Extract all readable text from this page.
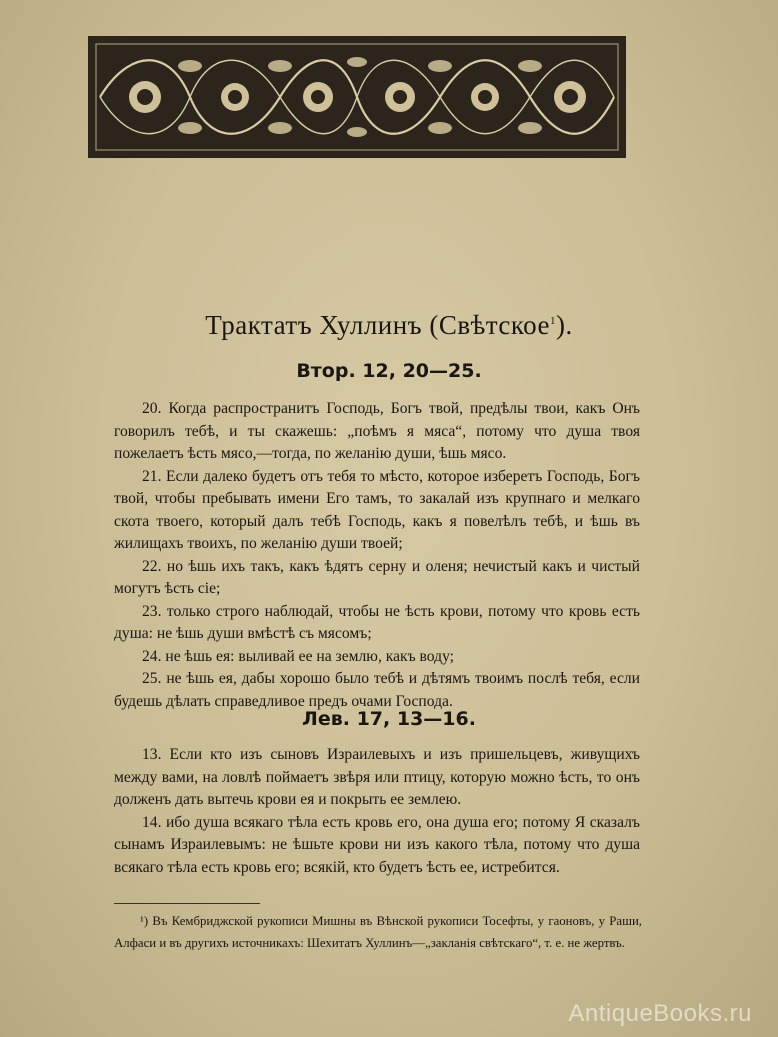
Трактатъ Хуллинъ (Свѣтское$^1$).
Втор. 12, 20—25.

20. Когда распространитъ Господь, Богъ твой, предѣлы твои, какъ Онъ говорилъ тебѣ, и ты скажешь: „поѣмъ я мяса“, потому что душа твоя пожелаетъ ѣсть мясо,—тогда, по желанію души, ѣшь мясо.

21. Если далеко будетъ отъ тебя то мѣсто, которое изберетъ Господь, Богъ твой, чтобы пребывать имени Его тамъ, то закалай изъ крупнаго и мелкаго скота твоего, который далъ тебѣ Господь, какъ я повелѣлъ тебѣ, и ѣшь въ жилищахъ твоихъ, по желанію души твоей;

22. но ѣшь ихъ такъ, какъ ѣдятъ серну и оленя; нечистый какъ и чистый могутъ ѣсть сіе;

23. только строго наблюдай, чтобы не ѣсть крови, потому что кровь есть душа: не ѣшь души вмѣстѣ съ мясомъ;

24. не ѣшь ея: выливай ее на землю, какъ воду;

25. не ѣшь ея, дабы хорошо было тебѣ и дѣтямъ твоимъ послѣ тебя, если будешь дѣлать справедливое предъ очами Господа.

Лев. 17, 13—16.

13. Если кто изъ сыновъ Израилевыхъ и изъ пришельцевъ, живущихъ между вами, на ловлѣ поймаетъ звѣря или птицу, которую можно ѣсть, то онъ долженъ дать вытечь крови ея и покрыть ее землею.

14. ибо душа всякаго тѣла есть кровь его, она душа его; потому Я сказалъ сынамъ Израилевымъ: не ѣшьте крови ни изъ какого тѣла, потому что душа всякаго тѣла есть кровь его; всякій, кто будетъ ѣсть ее, истребится.

¹) Въ Кембриджской рукописи Мишны въ Вѣнской рукописи Тосефты, у гаоновъ, у Раши, Алфаси и въ другихъ источникахъ: Шехитатъ Хуллинъ—„закланія свѣтскаго“, т. е. не жертвъ.

AntiqueBooks.ru
